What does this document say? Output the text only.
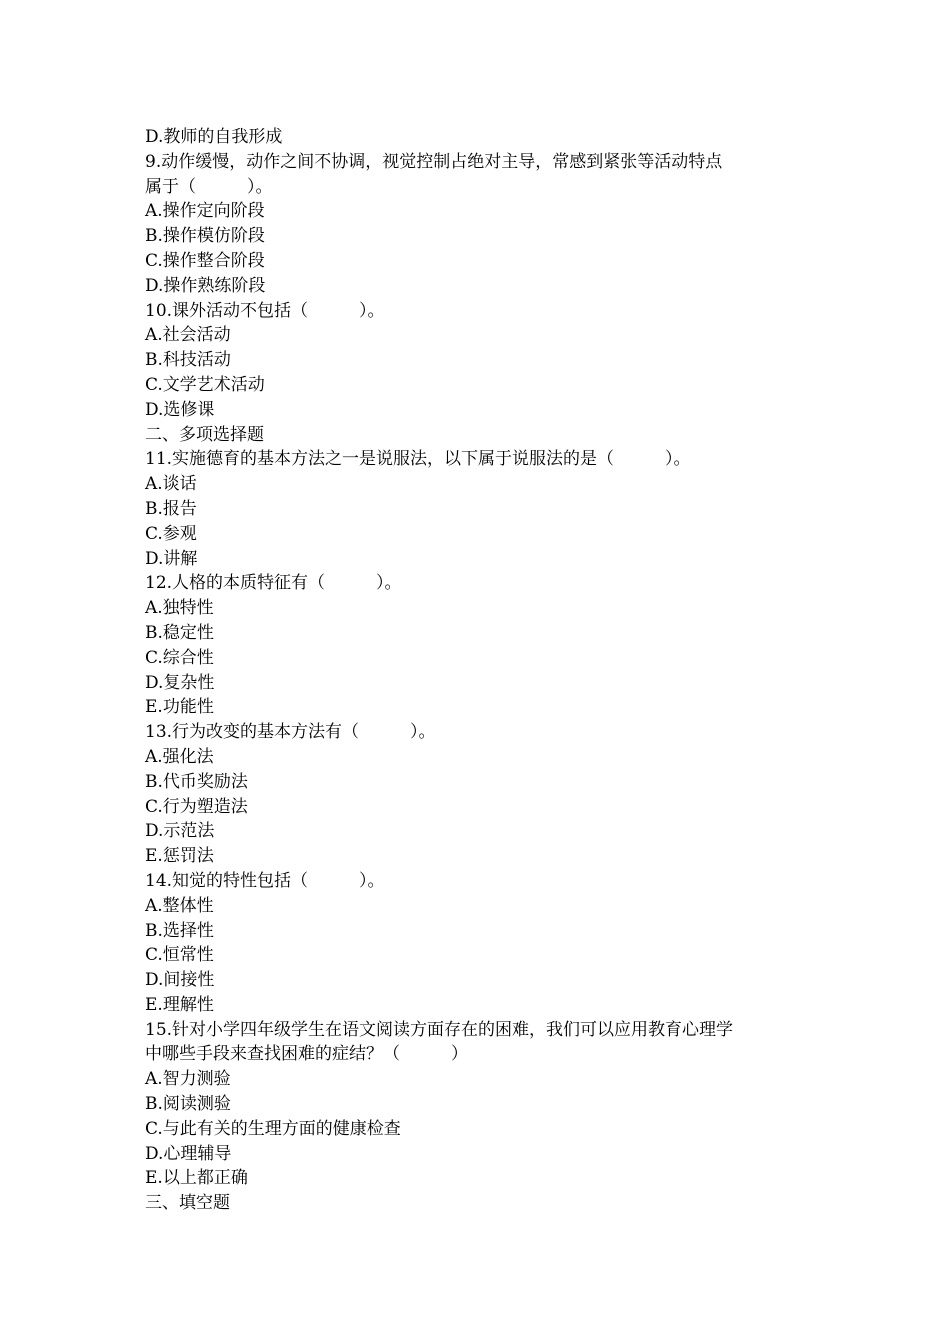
D.教师的自我形成

9.动作缓慢，动作之间不协调，视觉控制占绝对主导，常感到紧张等活动特点

属于（　　　）。

A.操作定向阶段

B.操作模仿阶段

C.操作整合阶段

D.操作熟练阶段

10.课外活动不包括（　　　）。

A.社会活动

B.科技活动

C.文学艺术活动

D.选修课

二、多项选择题

11.实施德育的基本方法之一是说服法，以下属于说服法的是（　　　）。

A.谈话

B.报告

C.参观

D.讲解

12.人格的本质特征有（　　　）。

A.独特性

B.稳定性

C.综合性

D.复杂性

E.功能性

13.行为改变的基本方法有（　　　）。

A.强化法

B.代币奖励法

C.行为塑造法

D.示范法

E.惩罚法

14.知觉的特性包括（　　　）。

A.整体性

B.选择性

C.恒常性

D.间接性

E.理解性

15.针对小学四年级学生在语文阅读方面存在的困难，我们可以应用教育心理学

中哪些手段来查找困难的症结？（　　　）

A.智力测验

B.阅读测验

C.与此有关的生理方面的健康检查

D.心理辅导

E.以上都正确

三、填空题
